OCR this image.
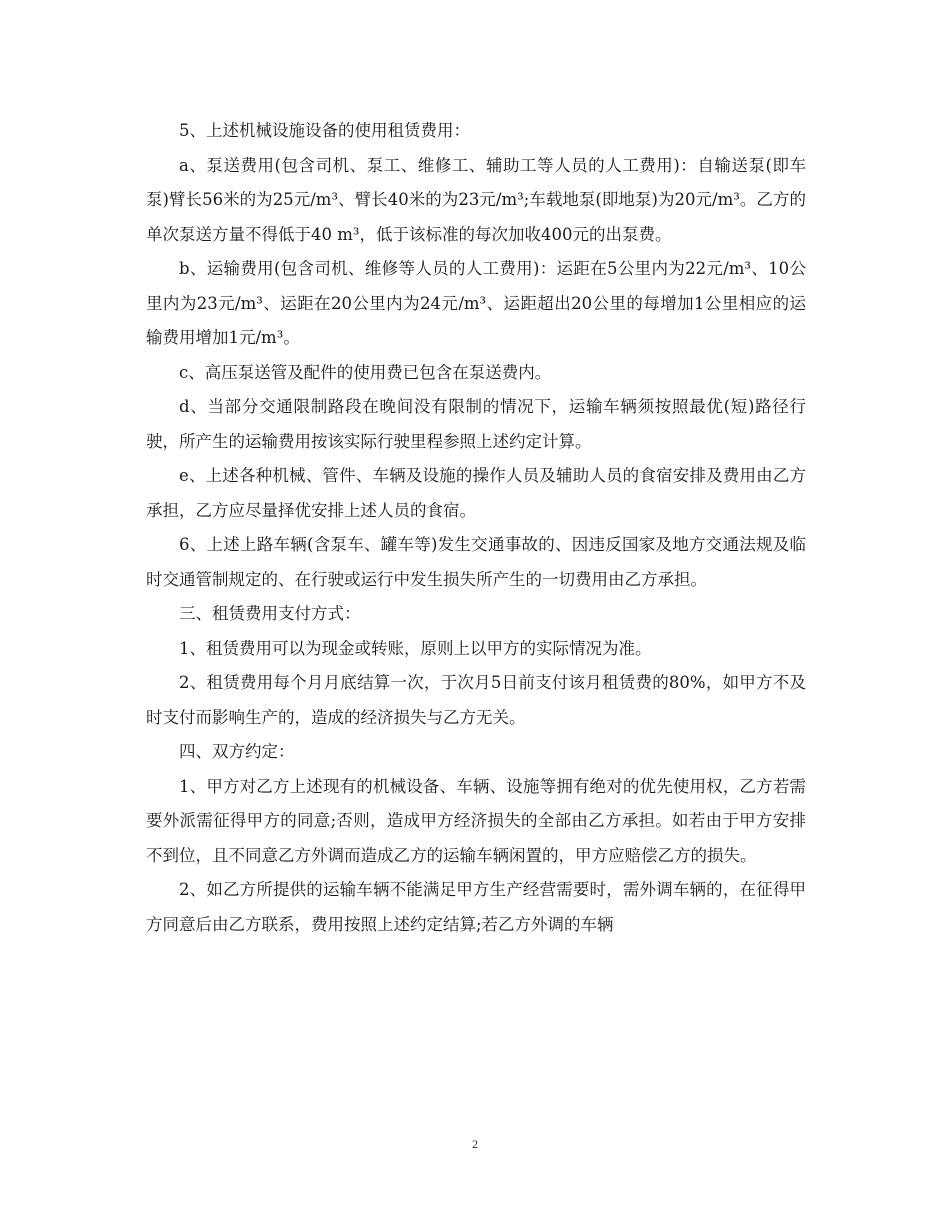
5、上述机械设施设备的使用租赁费用：

a、泵送费用(包含司机、泵工、维修工、辅助工等人员的人工费用)：自输送泵(即车泵)臂长56米的为25元/m³、臂长40米的为23元/m³;车载地泵(即地泵)为20元/m³。乙方的单次泵送方量不得低于40 m³，低于该标准的每次加收400元的出泵费。

b、运输费用(包含司机、维修等人员的人工费用)：运距在5公里内为22元/m³、10公里内为23元/m³、运距在20公里内为24元/m³、运距超出20公里的每增加1公里相应的运输费用增加1元/m³。

c、高压泵送管及配件的使用费已包含在泵送费内。

d、当部分交通限制路段在晚间没有限制的情况下，运输车辆须按照最优(短)路径行驶，所产生的运输费用按该实际行驶里程参照上述约定计算。

e、上述各种机械、管件、车辆及设施的操作人员及辅助人员的食宿安排及费用由乙方承担，乙方应尽量择优安排上述人员的食宿。

6、上述上路车辆(含泵车、罐车等)发生交通事故的、因违反国家及地方交通法规及临时交通管制规定的、在行驶或运行中发生损失所产生的一切费用由乙方承担。

三、租赁费用支付方式：

1、租赁费用可以为现金或转账，原则上以甲方的实际情况为准。

2、租赁费用每个月月底结算一次，于次月5日前支付该月租赁费的80%，如甲方不及时支付而影响生产的，造成的经济损失与乙方无关。

四、双方约定：

1、甲方对乙方上述现有的机械设备、车辆、设施等拥有绝对的优先使用权，乙方若需要外派需征得甲方的同意;否则，造成甲方经济损失的全部由乙方承担。如若由于甲方安排不到位，且不同意乙方外调而造成乙方的运输车辆闲置的，甲方应赔偿乙方的损失。

2、如乙方所提供的运输车辆不能满足甲方生产经营需要时，需外调车辆的，在征得甲方同意后由乙方联系，费用按照上述约定结算;若乙方外调的车辆

2
